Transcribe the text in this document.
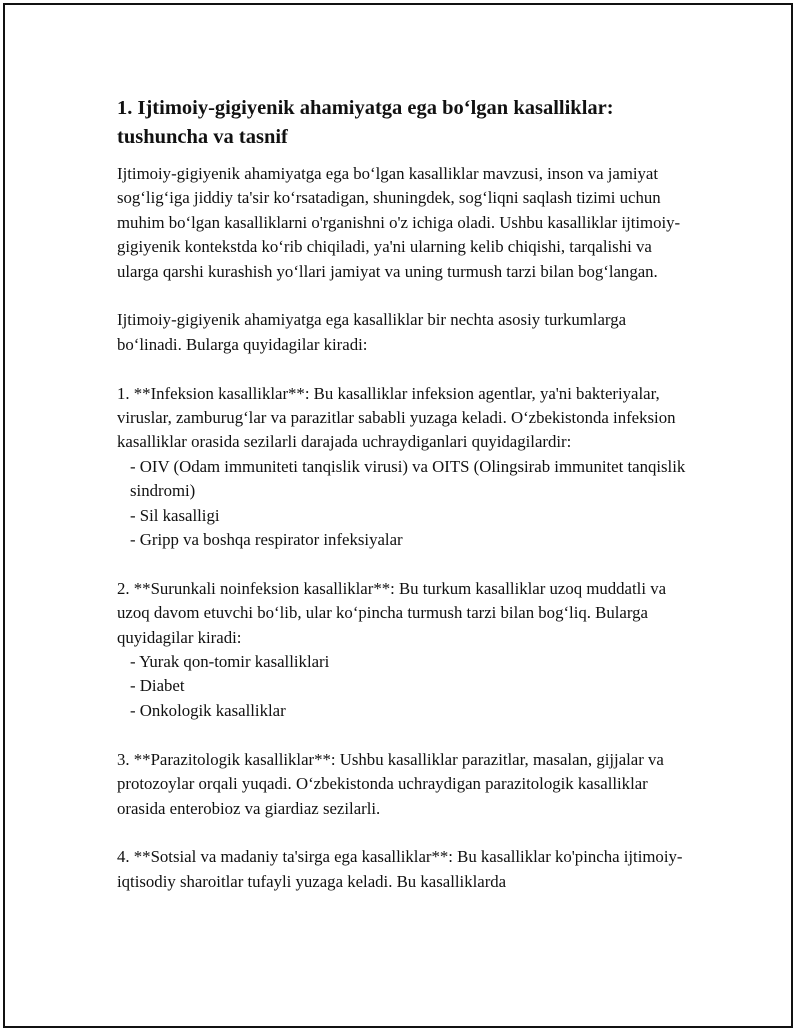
1. Ijtimoiy-gigiyenik ahamiyatga ega bo‘lgan kasalliklar: tushuncha va tasnif

Ijtimoiy-gigiyenik ahamiyatga ega bo‘lgan kasalliklar mavzusi, inson va jamiyat sog‘lig‘iga jiddiy ta'sir ko‘rsatadigan, shuningdek, sog‘liqni saqlash tizimi uchun muhim bo‘lgan kasalliklarni o'rganishni o'z ichiga oladi. Ushbu kasalliklar ijtimoiy-gigiyenik kontekstda ko‘rib chiqiladi, ya'ni ularning kelib chiqishi, tarqalishi va ularga qarshi kurashish yo‘llari jamiyat va uning turmush tarzi bilan bog‘langan.

Ijtimoiy-gigiyenik ahamiyatga ega kasalliklar bir nechta asosiy turkumlarga bo‘linadi. Bularga quyidagilar kiradi:

1. **Infeksion kasalliklar**: Bu kasalliklar infeksion agentlar, ya'ni bakteriyalar, viruslar, zamburug‘lar va parazitlar sababli yuzaga keladi. O‘zbekistonda infeksion kasalliklar orasida sezilarli darajada uchraydiganlari quyidagilardir:
- OIV (Odam immuniteti tanqislik virusi) va OITS (Olingsirab immunitet tanqislik sindromi)
- Sil kasalligi
- Gripp va boshqa respirator infeksiyalar
2. **Surunkali noinfeksion kasalliklar**: Bu turkum kasalliklar uzoq muddatli va uzoq davom etuvchi bo‘lib, ular ko‘pincha turmush tarzi bilan bog‘liq. Bularga quyidagilar kiradi:
- Yurak qon-tomir kasalliklari
- Diabet
- Onkologik kasalliklar
3. **Parazitologik kasalliklar**: Ushbu kasalliklar parazitlar, masalan, gijjalar va protozoylar orqali yuqadi. O‘zbekistonda uchraydigan parazitologik kasalliklar orasida enterobioz va giardiaz sezilarli.
4. **Sotsial va madaniy ta'sirga ega kasalliklar**: Bu kasalliklar ko'pincha ijtimoiy-iqtisodiy sharoitlar tufayli yuzaga keladi. Bu kasalliklarda
